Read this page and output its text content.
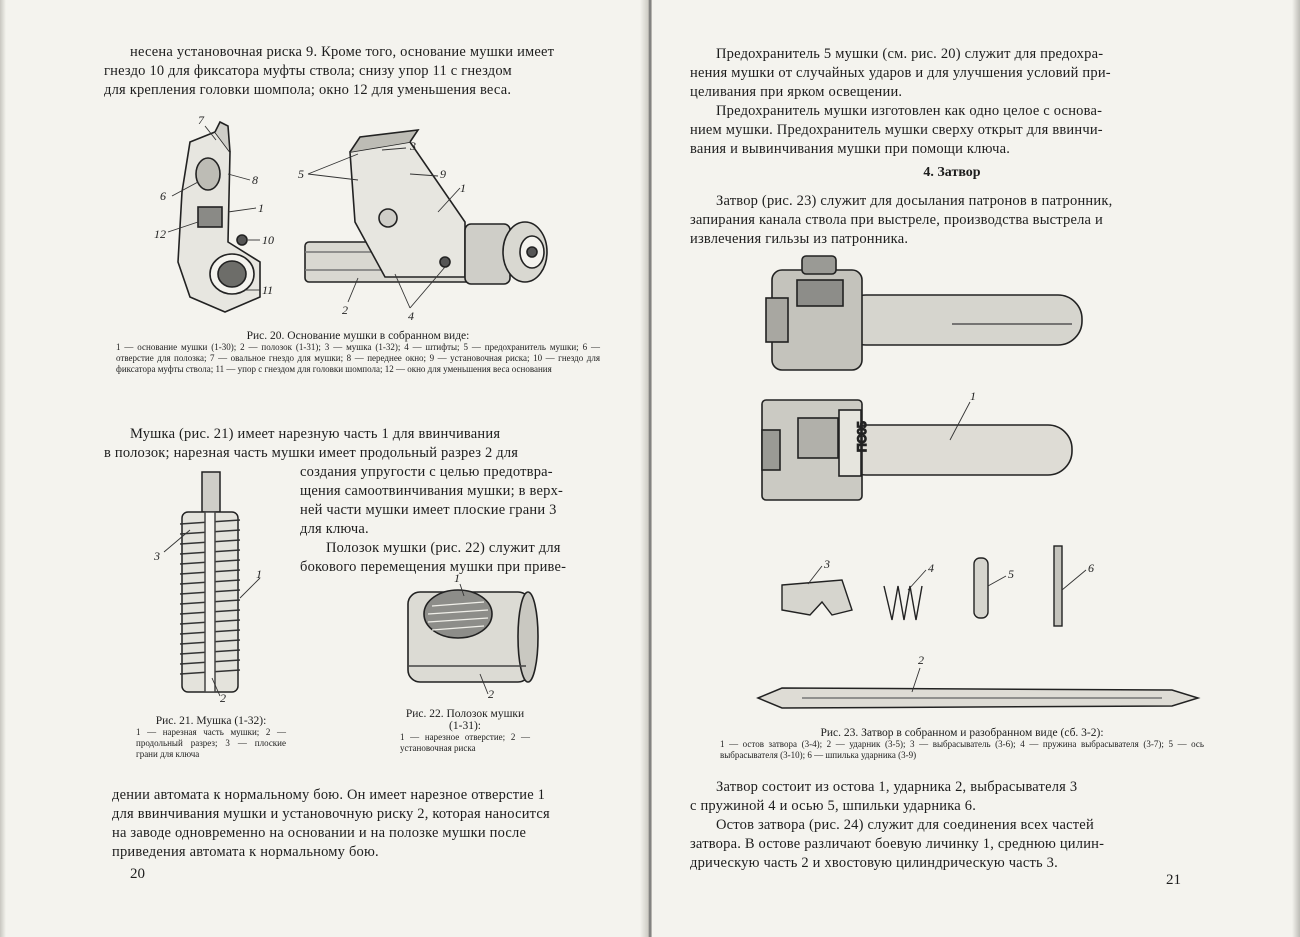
несена установочная риска 9. Кроме того, основание мушки имеет

гнездо 10 для фиксатора муфты ствола; снизу упор 11 с гнездом

для крепления головки шомпола; окно 12 для уменьшения веса.

7
6
8
1
12	10
11
5
3
9
1
2	4
Рис. 20. Основание мушки в собранном виде:
1 — основание мушки (1-30); 2 — полозок (1-31); 3 — мушка (1-32); 4 — штифты; 5 — предохранитель мушки; 6 — отверстие для полозка; 7 — овальное гнездо для мушки; 8 — переднее окно; 9 — установочная риска; 10 — гнездо для фиксатора муфты ствола; 11 — упор с гнездом для головки шомпола; 12 — окно для уменьшения веса основания

Мушка (рис. 21) имеет нарезную часть 1 для ввинчивания

в полозок; нарезная часть мушки имеет продольный разрез 2 для

создания упругости с целью предотвра-

щения самоотвинчивания мушки; в верх-

ней части мушки имеет плоские грани 3

для ключа.

Полозок мушки (рис. 22) служит для

бокового перемещения мушки при приве-

3
1
2
Рис. 21. Мушка (1-32):
1 — нарезная часть мушки; 2 — продольный разрез; 3 — плоские грани для ключа
1
2
Рис. 22. Полозок мушки (1-31):
1 — нарезное отверстие; 2 — установочная риска

дении автомата к нормальному бою. Он имеет нарезное отверстие 1

для ввинчивания мушки и установочную риску 2, которая наносится

на заводе одновременно на основании и на полозке мушки после

приведения автомата к нормальному бою.

20

Предохранитель 5 мушки (см. рис. 20) служит для предохра-

нения мушки от случайных ударов и для улучшения условий при-

целивания при ярком освещении.

Предохранитель мушки изготовлен как одно целое с основа-

нием мушки. Предохранитель мушки сверху открыт для ввинчи-

вания и вывинчивания мушки при помощи ключа.

4. Затвор

Затвор (рис. 23) служит для досылания патронов в патронник,

запирания канала ствола при выстреле, производства выстрела и

извлечения гильзы из патронника.

ПС05
1
3	4	5	6
2
Рис. 23. Затвор в собранном и разобранном виде (сб. 3-2):
1 — остов затвора (3-4); 2 — ударник (3-5); 3 — выбрасыватель (3-6); 4 — пружина выбрасывателя (3-7); 5 — ось выбрасывателя (3-10); 6 — шпилька ударника (3-9)

Затвор состоит из остова 1, ударника 2, выбрасывателя 3

с пружиной 4 и осью 5, шпильки ударника 6.

Остов затвора (рис. 24) служит для соединения всех частей

затвора. В остове различают боевую личинку 1, среднюю цилин-

дрическую часть 2 и хвостовую цилиндрическую часть 3.

21
